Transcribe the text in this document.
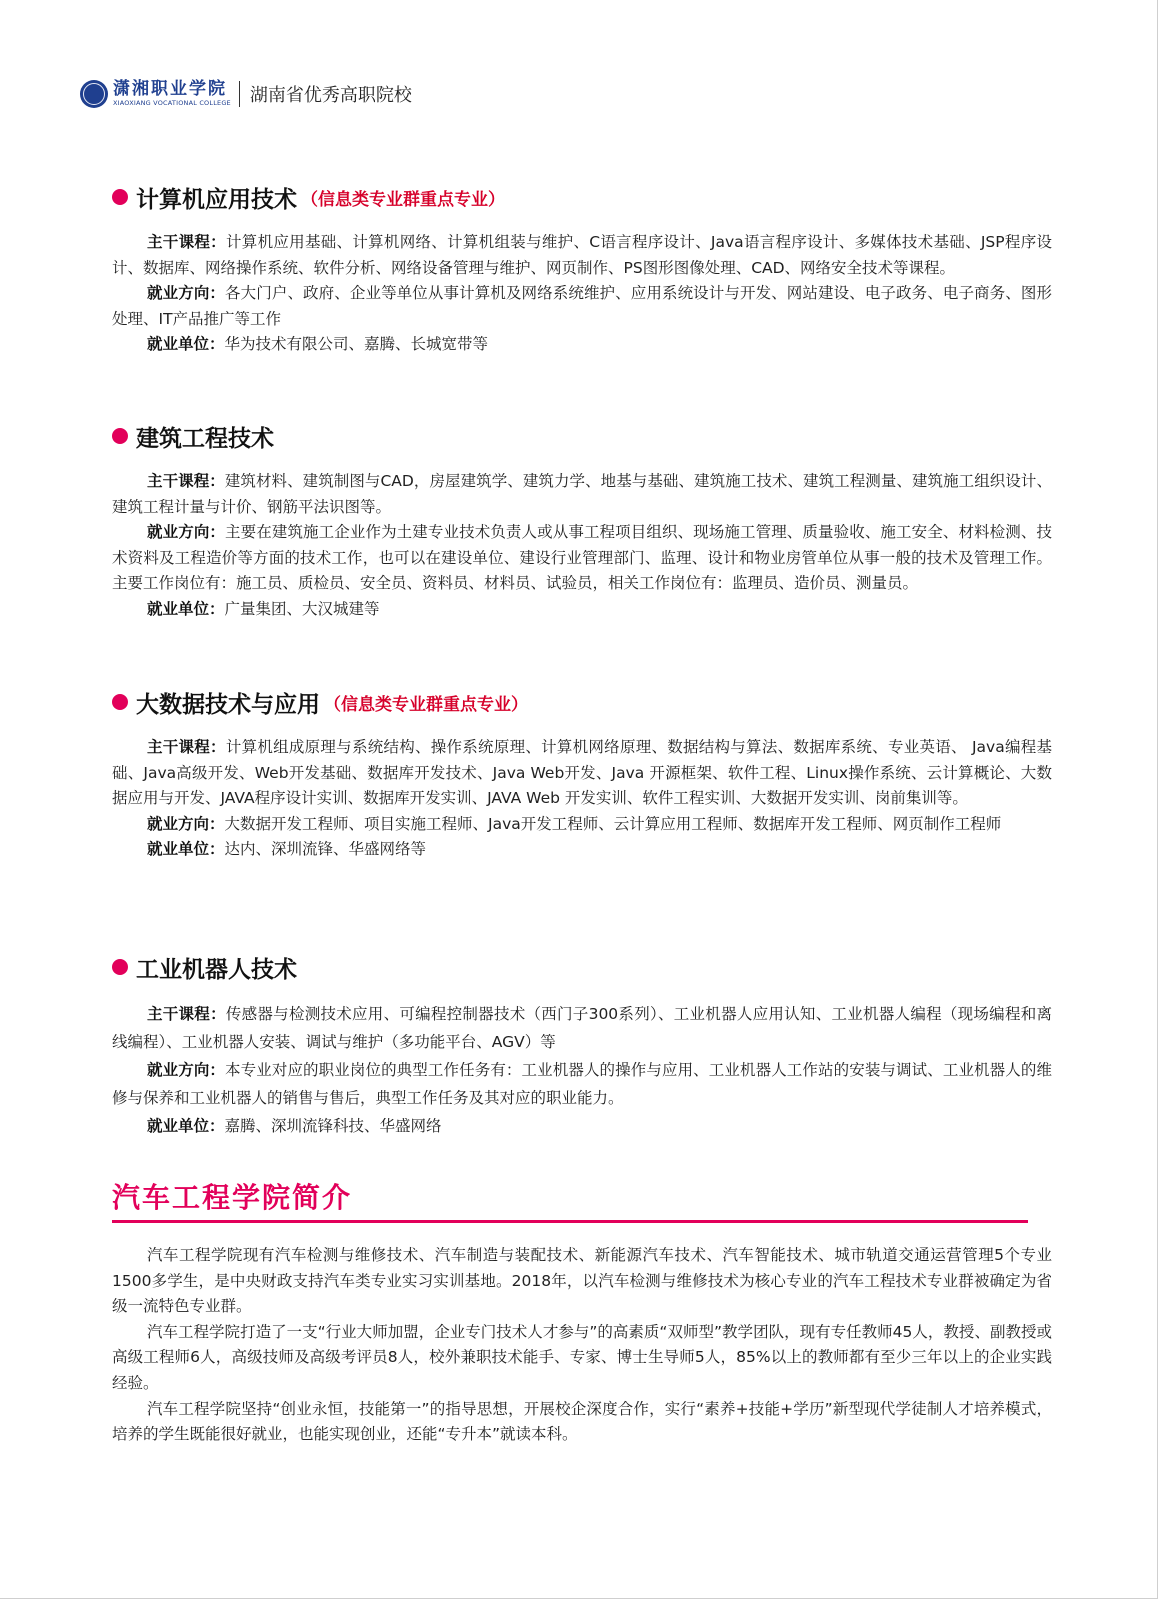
潇湘职业学院
XIAOXIANG VOCATIONAL COLLEGE 湖南省优秀高职院校
计算机应用技术 （信息类专业群重点专业）

主干课程：计算机应用基础、计算机网络、计算机组装与维护、C语言程序设计、Java语言程序设计、多媒体技术基础、JSP程序设计、数据库、网络操作系统、软件分析、网络设备管理与维护、网页制作、PS图形图像处理、CAD、网络安全技术等课程。

就业方向：各大门户、政府、企业等单位从事计算机及网络系统维护、应用系统设计与开发、网站建设、电子政务、电子商务、图形处理、IT产品推广等工作

就业单位：华为技术有限公司、嘉腾、长城宽带等

建筑工程技术

主干课程：建筑材料、建筑制图与CAD，房屋建筑学、建筑力学、地基与基础、建筑施工技术、建筑工程测量、建筑施工组织设计、建筑工程计量与计价、钢筋平法识图等。

就业方向：主要在建筑施工企业作为土建专业技术负责人或从事工程项目组织、现场施工管理、质量验收、施工安全、材料检测、技术资料及工程造价等方面的技术工作，也可以在建设单位、建设行业管理部门、监理、设计和物业房管单位从事一般的技术及管理工作。主要工作岗位有：施工员、质检员、安全员、资料员、材料员、试验员，相关工作岗位有：监理员、造价员、测量员。

就业单位：广量集团、大汉城建等

大数据技术与应用 （信息类专业群重点专业）

主干课程：计算机组成原理与系统结构、操作系统原理、计算机网络原理、数据结构与算法、数据库系统、专业英语、 Java编程基础、Java高级开发、Web开发基础、数据库开发技术、Java Web开发、Java 开源框架、软件工程、Linux操作系统、云计算概论、大数据应用与开发、JAVA程序设计实训、数据库开发实训、JAVA Web 开发实训、软件工程实训、大数据开发实训、岗前集训等。

就业方向：大数据开发工程师、项目实施工程师、Java开发工程师、云计算应用工程师、数据库开发工程师、网页制作工程师

就业单位：达内、深圳流锋、华盛网络等

工业机器人技术

主干课程：传感器与检测技术应用、可编程控制器技术（西门子300系列）、工业机器人应用认知、工业机器人编程（现场编程和离线编程）、工业机器人安装、调试与维护（多功能平台、AGV）等

就业方向：本专业对应的职业岗位的典型工作任务有：工业机器人的操作与应用、工业机器人工作站的安装与调试、工业机器人的维修与保养和工业机器人的销售与售后，典型工作任务及其对应的职业能力。

就业单位：嘉腾、深圳流锋科技、华盛网络

汽车工程学院简介

汽车工程学院现有汽车检测与维修技术、汽车制造与装配技术、新能源汽车技术、汽车智能技术、城市轨道交通运营管理5个专业1500多学生，是中央财政支持汽车类专业实习实训基地。2018年，以汽车检测与维修技术为核心专业的汽车工程技术专业群被确定为省级一流特色专业群。

汽车工程学院打造了一支“行业大师加盟，企业专门技术人才参与”的高素质“双师型”教学团队，现有专任教师45人，教授、副教授或高级工程师6人，高级技师及高级考评员8人，校外兼职技术能手、专家、博士生导师5人，85%以上的教师都有至少三年以上的企业实践经验。

汽车工程学院坚持“创业永恒，技能第一”的指导思想，开展校企深度合作，实行“素养+技能+学历”新型现代学徒制人才培养模式，培养的学生既能很好就业，也能实现创业，还能“专升本”就读本科。
